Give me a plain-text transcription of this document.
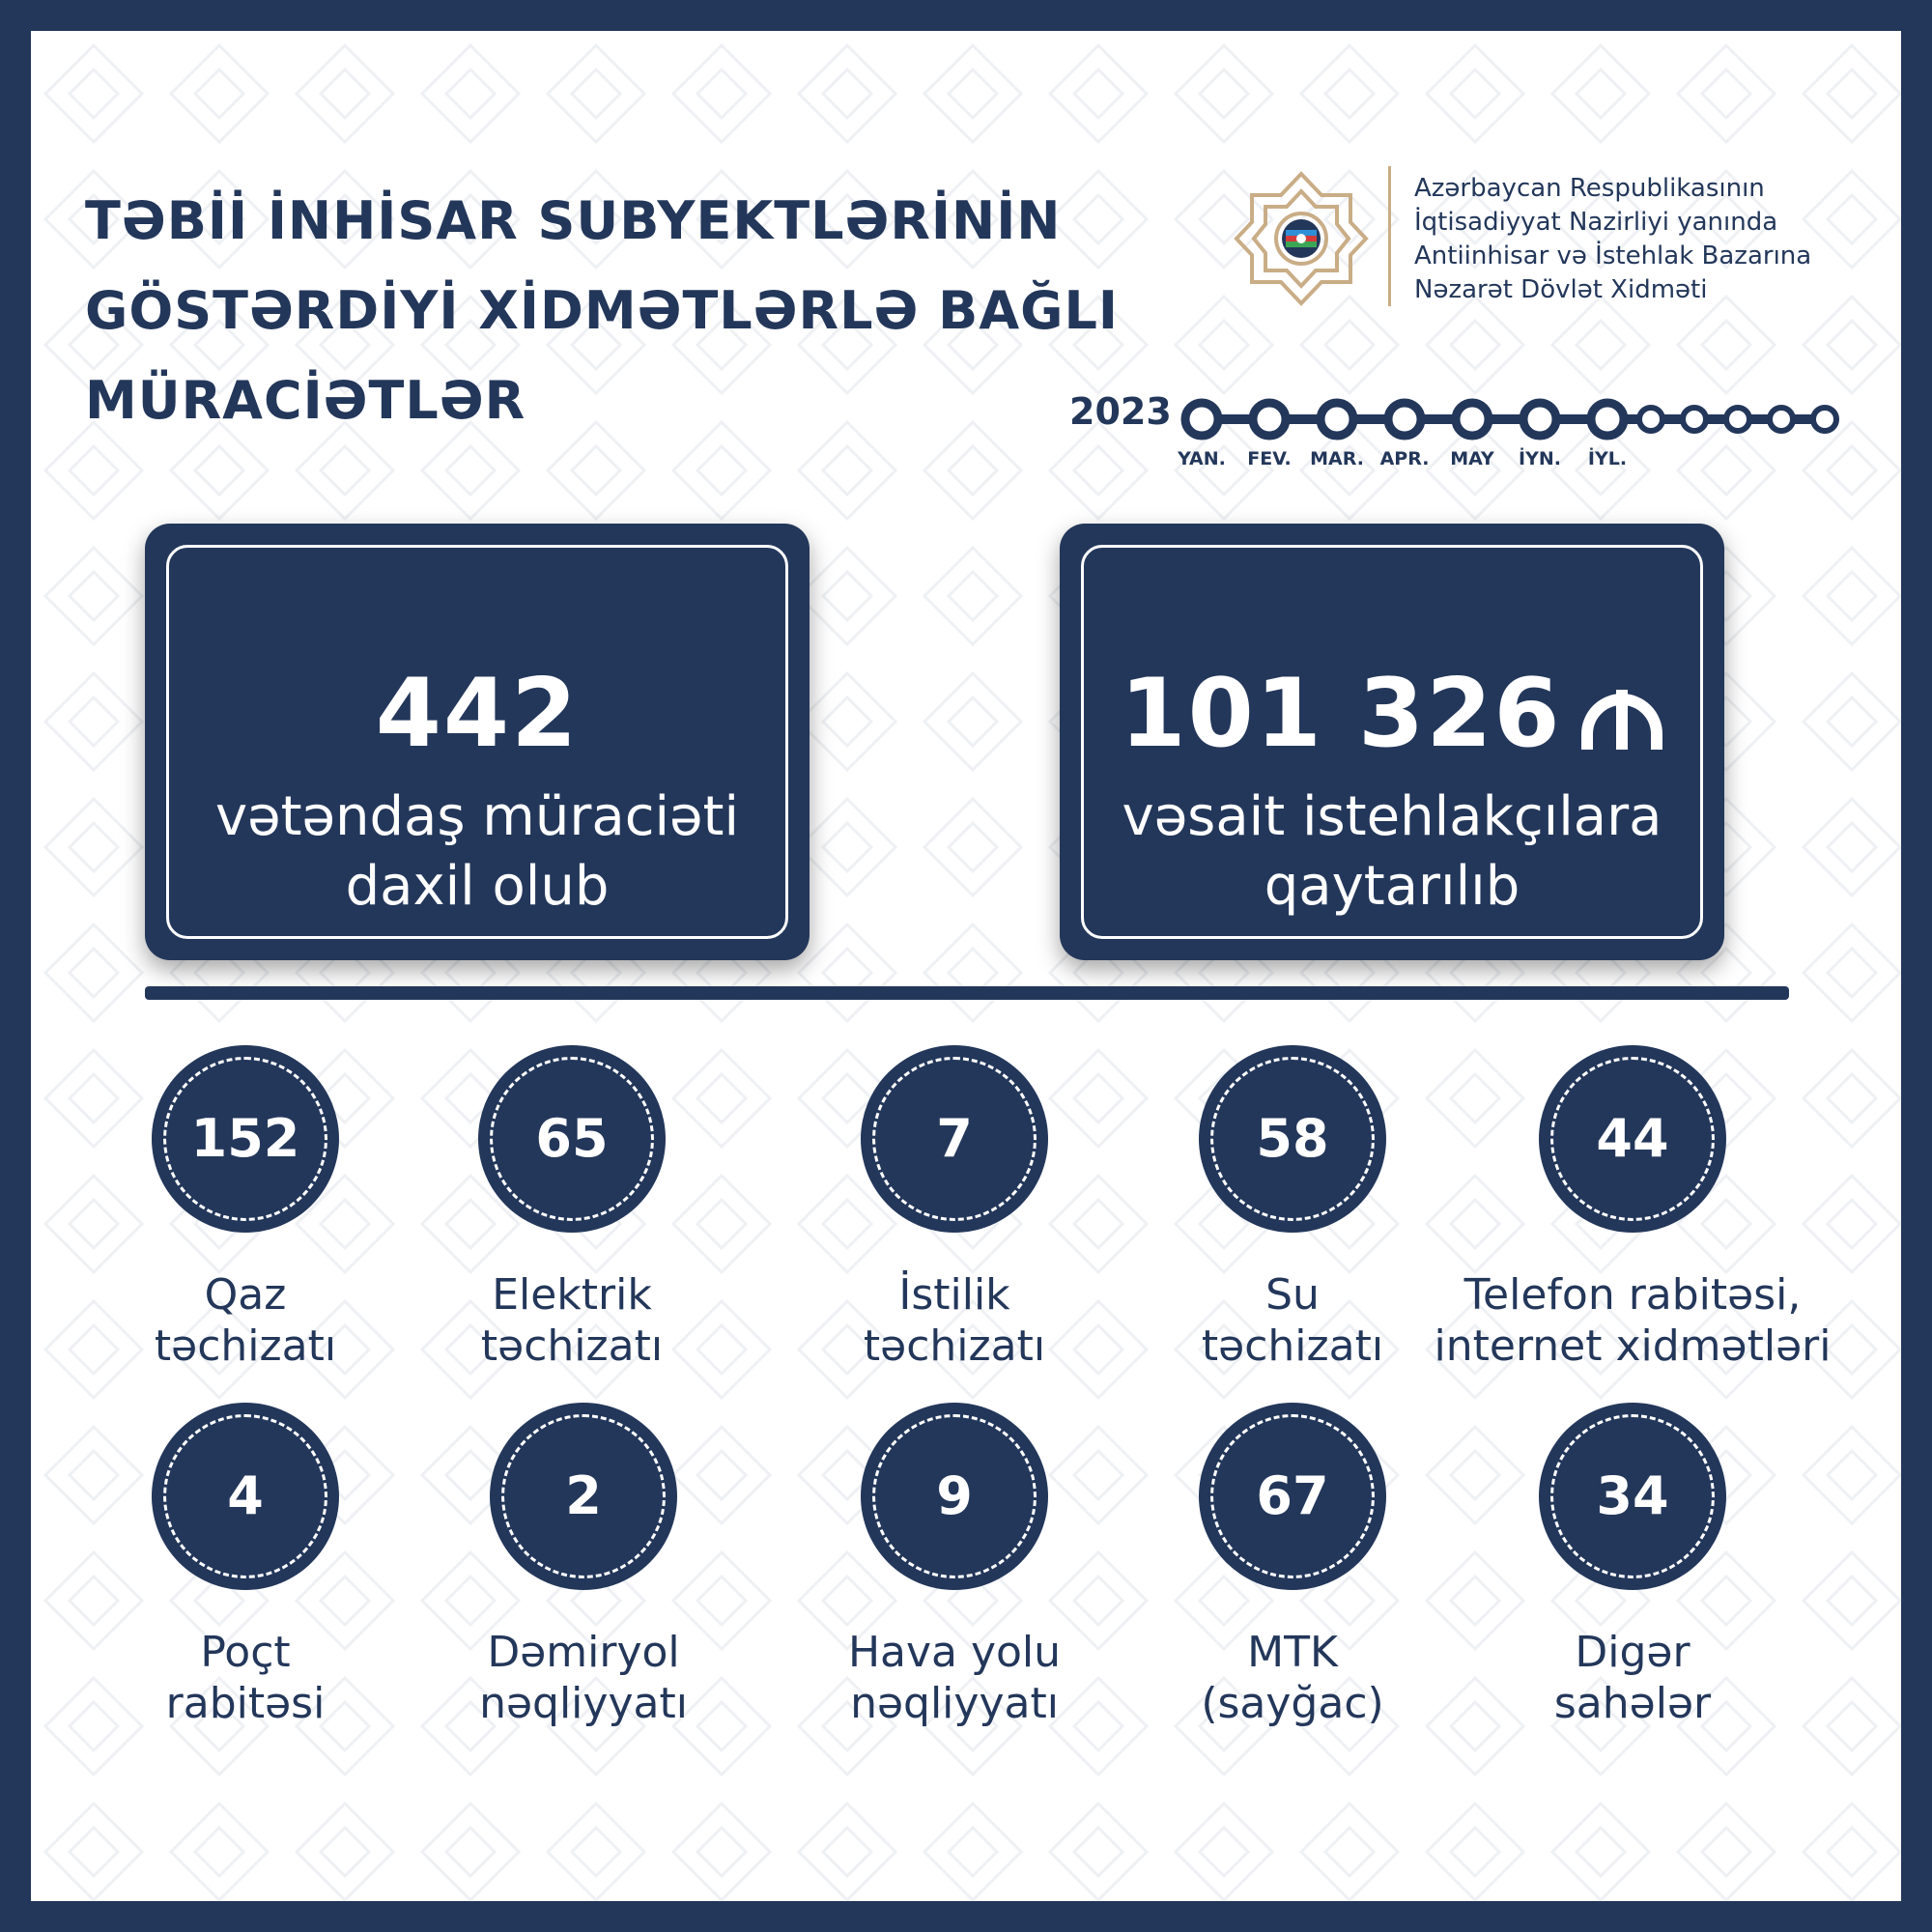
TƏBİİ İNHİSAR SUBYEKTLƏRİNİN
GÖSTƏRDİYİ XİDMƏTLƏRLƏ BAĞLI
MÜRACİƏTLƏR
Azərbaycan Respublikasının
İqtisadiyyat Nazirliyi yanında
Antiinhisar və İstehlak Bazarına
Nəzarət Dövlət Xidməti
2023
YAN. FEV. MAR. APR. MAY İYN. İYL.
442
vətəndaş müraciəti
daxil olub
101 326
vəsait istehlakçılara
qaytarılıb
152
Qaz
təchizatı
65
Elektrik
təchizatı
7
İstilik
təchizatı
58
Su
təchizatı
44
Telefon rabitəsi,
internet xidmətləri
4
Poçt
rabitəsi
2
Dəmiryol
nəqliyyatı
9
Hava yolu
nəqliyyatı
67
MTK
(sayğac)
34
Digər
sahələr
